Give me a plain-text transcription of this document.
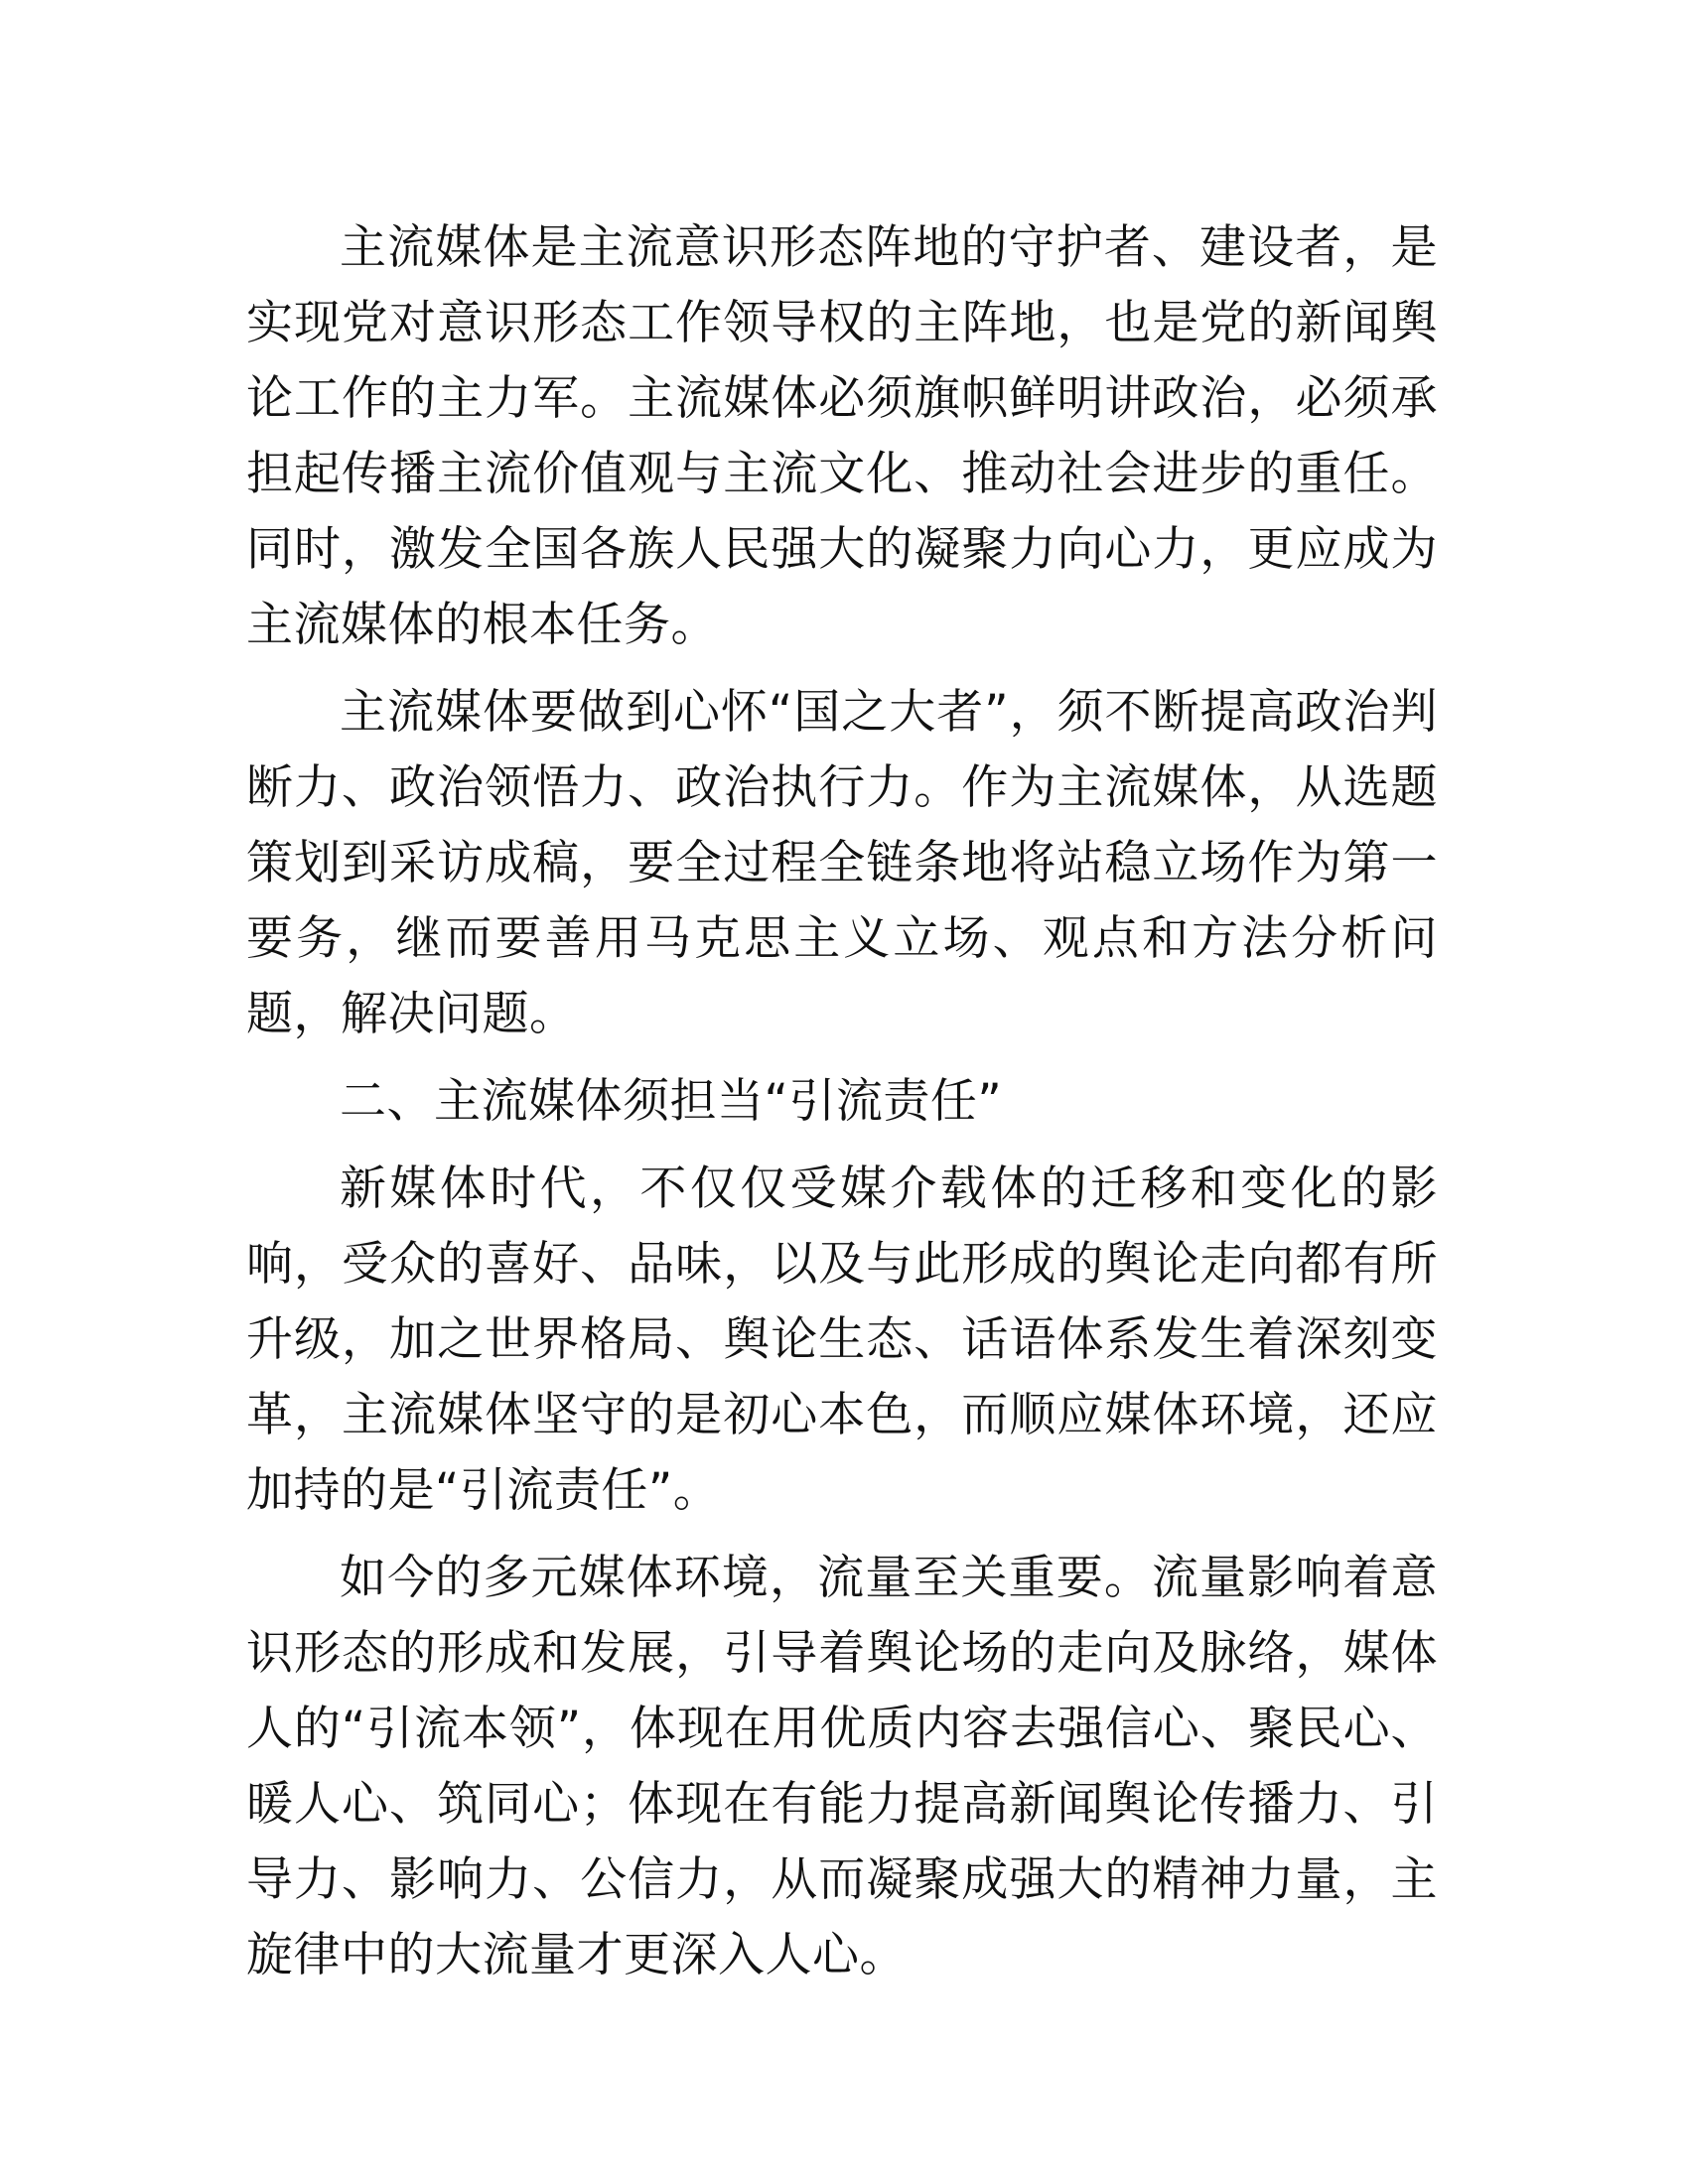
主流媒体是主流意识形态阵地的守护者、建设者，是实现党对意识形态工作领导权的主阵地，也是党的新闻舆论工作的主力军。主流媒体必须旗帜鲜明讲政治，必须承担起传播主流价值观与主流文化、推动社会进步的重任。同时，激发全国各族人民强大的凝聚力向心力，更应成为主流媒体的根本任务。

主流媒体要做到心怀“国之大者”，须不断提高政治判断力、政治领悟力、政治执行力。作为主流媒体，从选题策划到采访成稿，要全过程全链条地将站稳立场作为第一要务，继而要善用马克思主义立场、观点和方法分析问题，解决问题。

二、主流媒体须担当“引流责任”

新媒体时代，不仅仅受媒介载体的迁移和变化的影响，受众的喜好、品味，以及与此形成的舆论走向都有所升级，加之世界格局、舆论生态、话语体系发生着深刻变革，主流媒体坚守的是初心本色，而顺应媒体环境，还应加持的是“引流责任”。

如今的多元媒体环境，流量至关重要。流量影响着意识形态的形成和发展，引导着舆论场的走向及脉络，媒体人的“引流本领”，体现在用优质内容去强信心、聚民心、暖人心、筑同心；体现在有能力提高新闻舆论传播力、引导力、影响力、公信力，从而凝聚成强大的精神力量，主旋律中的大流量才更深入人心。
